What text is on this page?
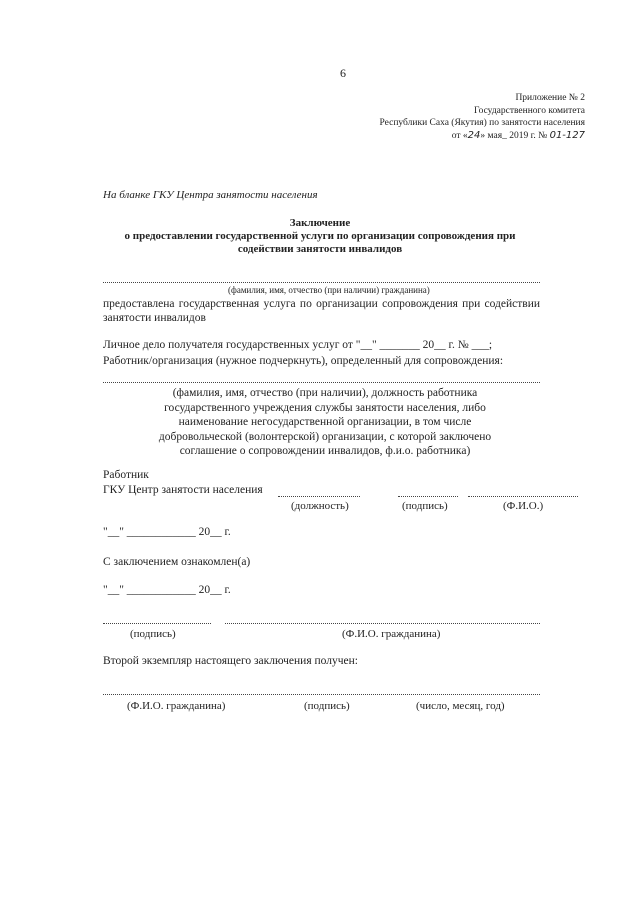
6
Приложение № 2
Государственного комитета
Республики Саха (Якутия) по занятости населения
от «24» мая_ 2019 г. № 01-127
На бланке ГКУ Центра занятости населения
Заключение
о предоставлении государственной услуги по организации сопровождения при
содействии занятости инвалидов
(фамилия, имя, отчество (при наличии) гражданина)
предоставлена государственная услуга по организации сопровождения при содействии занятости инвалидов
Личное дело получателя государственных услуг от "__" _______ 20__ г. № ___;
Работник/организация (нужное подчеркнуть), определенный для сопровождения:
(фамилия, имя, отчество (при наличии), должность работника
государственного учреждения службы занятости населения, либо
наименование негосударственной организации, в том числе
добровольческой (волонтерской) организации, с которой заключено
соглашение о сопровождении инвалидов, ф.и.о. работника)
Работник
ГКУ Центр занятости населения
(должность)	(подпись)	(Ф.И.О.)
"__" ____________ 20__ г.
С заключением ознакомлен(а)
"__" ____________ 20__ г.
(подпись)	(Ф.И.О. гражданина)
Второй экземпляр настоящего заключения получен:
(Ф.И.О. гражданина)	(подпись)	(число, месяц, год)
